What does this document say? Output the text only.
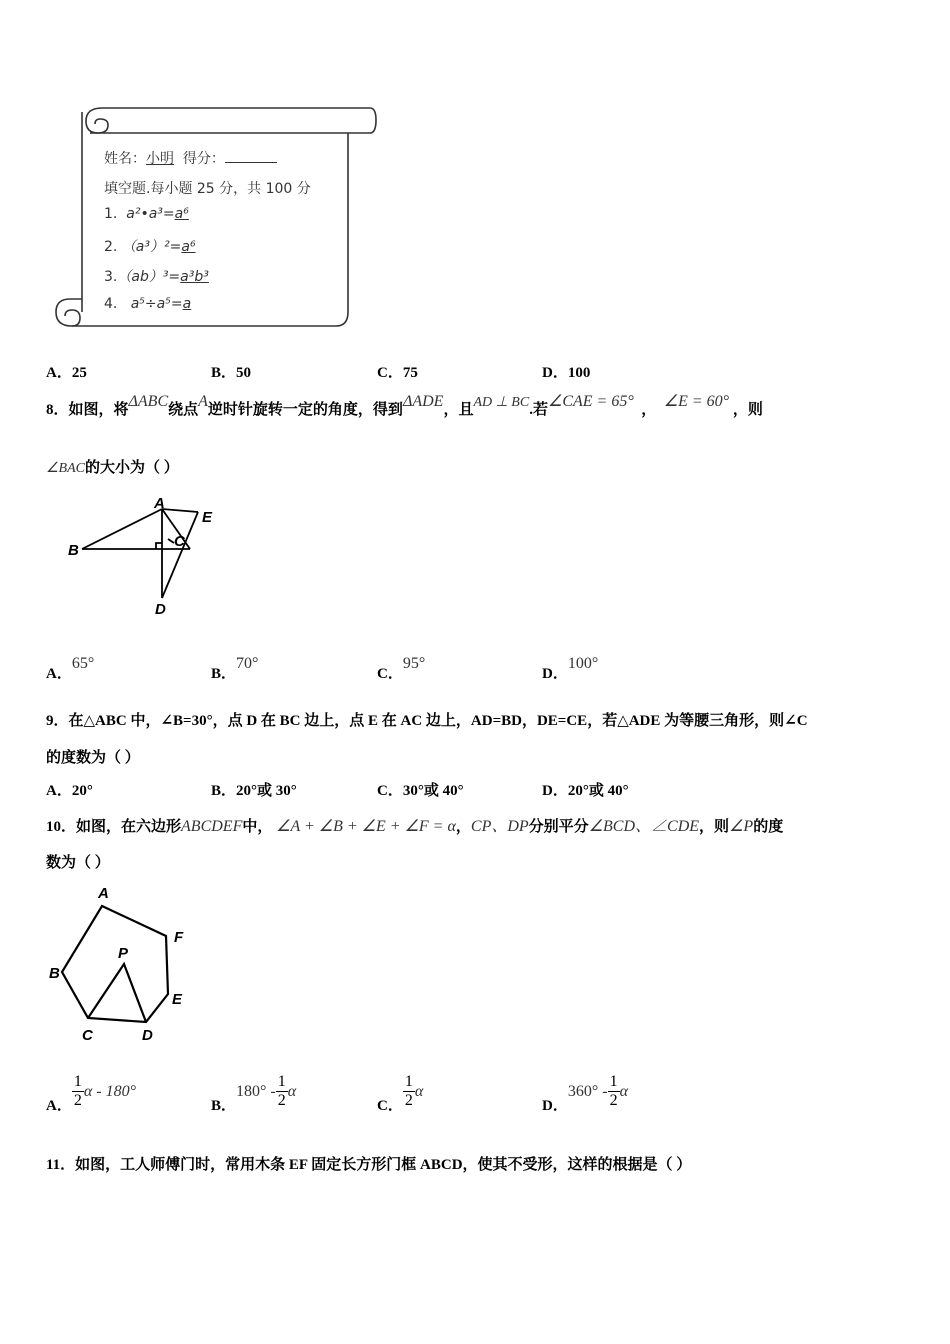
姓名：小明 得分：
填空题.每小题 25 分，共 100 分
1. a²•a³=a⁶
2. （a³）²=a⁶
3.（ab）³=a³b³
4. a⁵÷a⁵=a
A．25	B．50	C．75	D．100
8．如图，将ΔABC绕点A逆时针旋转一定的角度，得到ΔADE，且AD ⊥ BC.若∠CAE = 65° ， ∠E = 60° ，则
∠BAC的大小为（ ）
A
E
B
C
D
A．65°
B．70°
C．95°
D．100°
9．在△ABC 中，∠B=30°，点 D 在 BC 边上，点 E 在 AC 边上，AD=BD，DE=CE，若△ADE 为等腰三角形，则∠C
的度数为（ ）
A．20°	B．20°或 30°	C．30°或 40°	D．20°或 40°
10．如图，在六边形ABCDEF中， ∠A + ∠B + ∠E + ∠F = α，CP、DP分别平分∠BCD、∠CDE，则∠P的度
数为（ ）
A
F
B
P
E
C	D
A． $\frac{1}{2}$ α - 180°
B．
$180^\circ - \frac{1}{2}$ α
C． $\frac{1}{2}$ α
D．
$360^\circ - \frac{1}{2}$ α
11．如图，工人师傅门时，常用木条 EF 固定长方形门框 ABCD，使其不受形，这样的根据是（ ）
